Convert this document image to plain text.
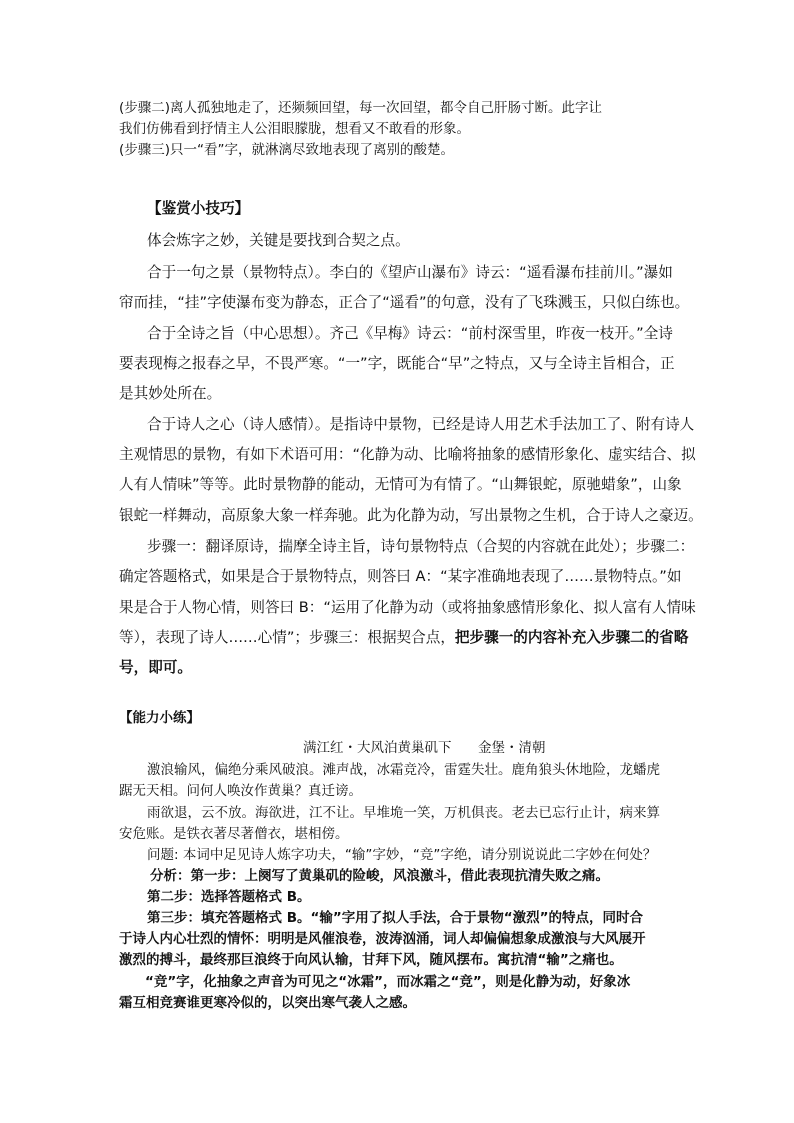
(步骤二)离人孤独地走了，还频频回望，每一次回望，都令自己肝肠寸断。此字让
我们仿佛看到抒情主人公泪眼朦胧，想看又不敢看的形象。
(步骤三)只一“看”字，就淋漓尽致地表现了离别的酸楚。
【鉴赏小技巧】
体会炼字之妙，关键是要找到合契之点。
合于一句之景（景物特点）。李白的《望庐山瀑布》诗云：“遥看瀑布挂前川。”瀑如
帘而挂，“挂”字使瀑布变为静态，正合了“遥看”的句意，没有了飞珠溅玉，只似白练也。
合于全诗之旨（中心思想）。齐己《早梅》诗云：“前村深雪里，昨夜一枝开。”全诗
要表现梅之报春之早，不畏严寒。“一”字，既能合“早”之特点，又与全诗主旨相合，正
是其妙处所在。
合于诗人之心（诗人感情）。是指诗中景物，已经是诗人用艺术手法加工了、附有诗人
主观情思的景物，有如下术语可用：“化静为动、比喻将抽象的感情形象化、虚实结合、拟
人有人情味”等等。此时景物静的能动，无情可为有情了。“山舞银蛇，原驰蜡象”，山象
银蛇一样舞动，高原象大象一样奔驰。此为化静为动，写出景物之生机，合于诗人之豪迈。
步骤一：翻译原诗，揣摩全诗主旨，诗句景物特点（合契的内容就在此处）；步骤二：
确定答题格式，如果是合于景物特点，则答曰 A：“某字准确地表现了……景物特点。”如
果是合于人物心情，则答曰 B：“运用了化静为动（或将抽象感情形象化、拟人富有人情味
等），表现了诗人……心情”；步骤三：根据契合点，把步骤一的内容补充入步骤二的省略
号，即可。
【能力小练】
满江红・大风泊黄巢矶下 金堡・清朝
激浪输风，偏绝分乘风破浪。滩声战，冰霜竞冷，雷霆失壮。鹿角狼头休地险，龙蟠虎
踞无天相。问何人唤汝作黄巢？真迁谤。
雨欲退，云不放。海欲进，江不让。早堆垝一笑，万机俱丧。老去已忘行止计，病来算
安危账。是铁衣著尽著僧衣，堪相傍。
问题: 本词中足见诗人炼字功夫，“输”字妙，“竞”字绝，请分别说说此二字妙在何处？
分析：第一步：上阕写了黄巢矶的险峻，风浪激斗，借此表现抗清失败之痛。
第二步：选择答题格式 B。
第三步：填充答题格式 B。“输”字用了拟人手法，合于景物“激烈”的特点，同时合
于诗人内心壮烈的情怀：明明是风催浪卷，波涛汹涌，词人却偏偏想象成激浪与大风展开
激烈的搏斗，最终那巨浪终于向风认输，甘拜下风，随风摆布。寓抗清“输”之痛也。
“竞”字，化抽象之声音为可见之“冰霜”，而冰霜之“竞”，则是化静为动，好象冰
霜互相竞赛谁更寒冷似的，以突出寒气袭人之感。
